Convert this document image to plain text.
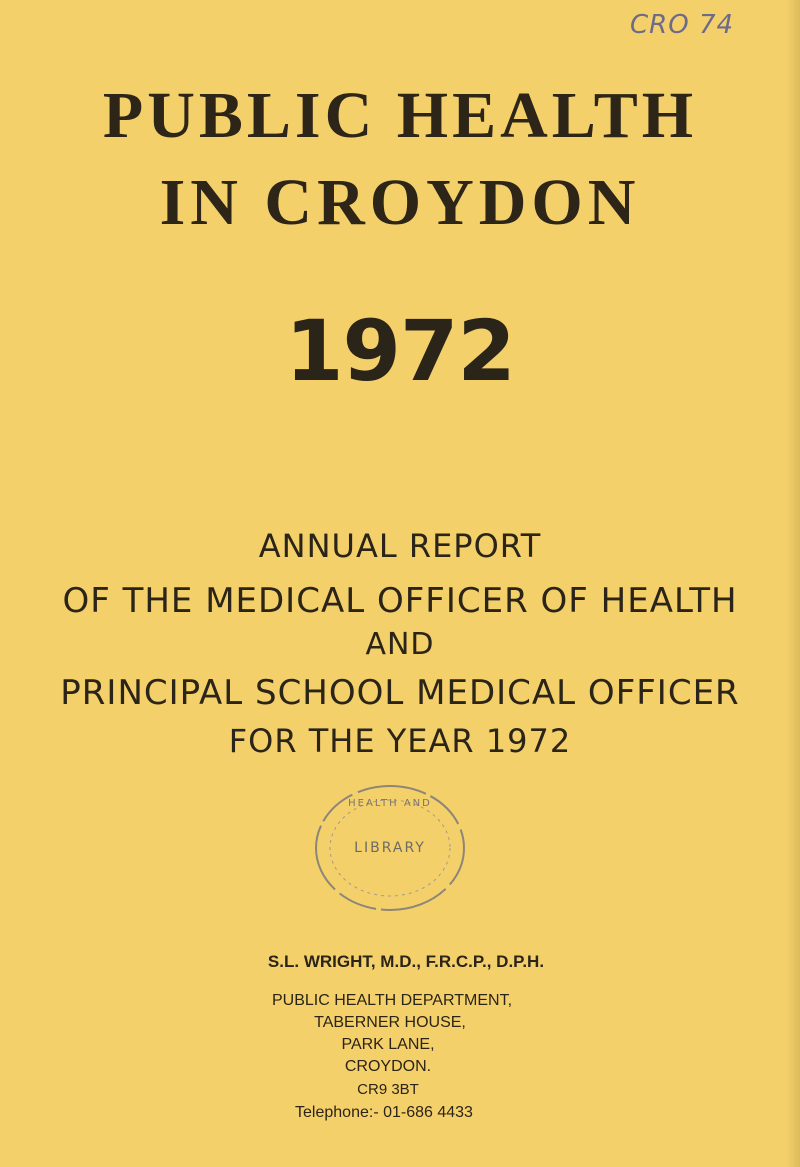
CRO 74
PUBLIC HEALTH
IN CROYDON
1972
ANNUAL REPORT
OF THE MEDICAL OFFICER OF HEALTH
AND
PRINCIPAL SCHOOL MEDICAL OFFICER
FOR THE YEAR 1972
HEALTH AND
LIBRARY
S.L. WRIGHT, M.D., F.R.C.P., D.P.H.
PUBLIC HEALTH DEPARTMENT,
TABERNER HOUSE,
PARK LANE,
CROYDON.
CR9 3BT
Telephone:- 01-686 4433
